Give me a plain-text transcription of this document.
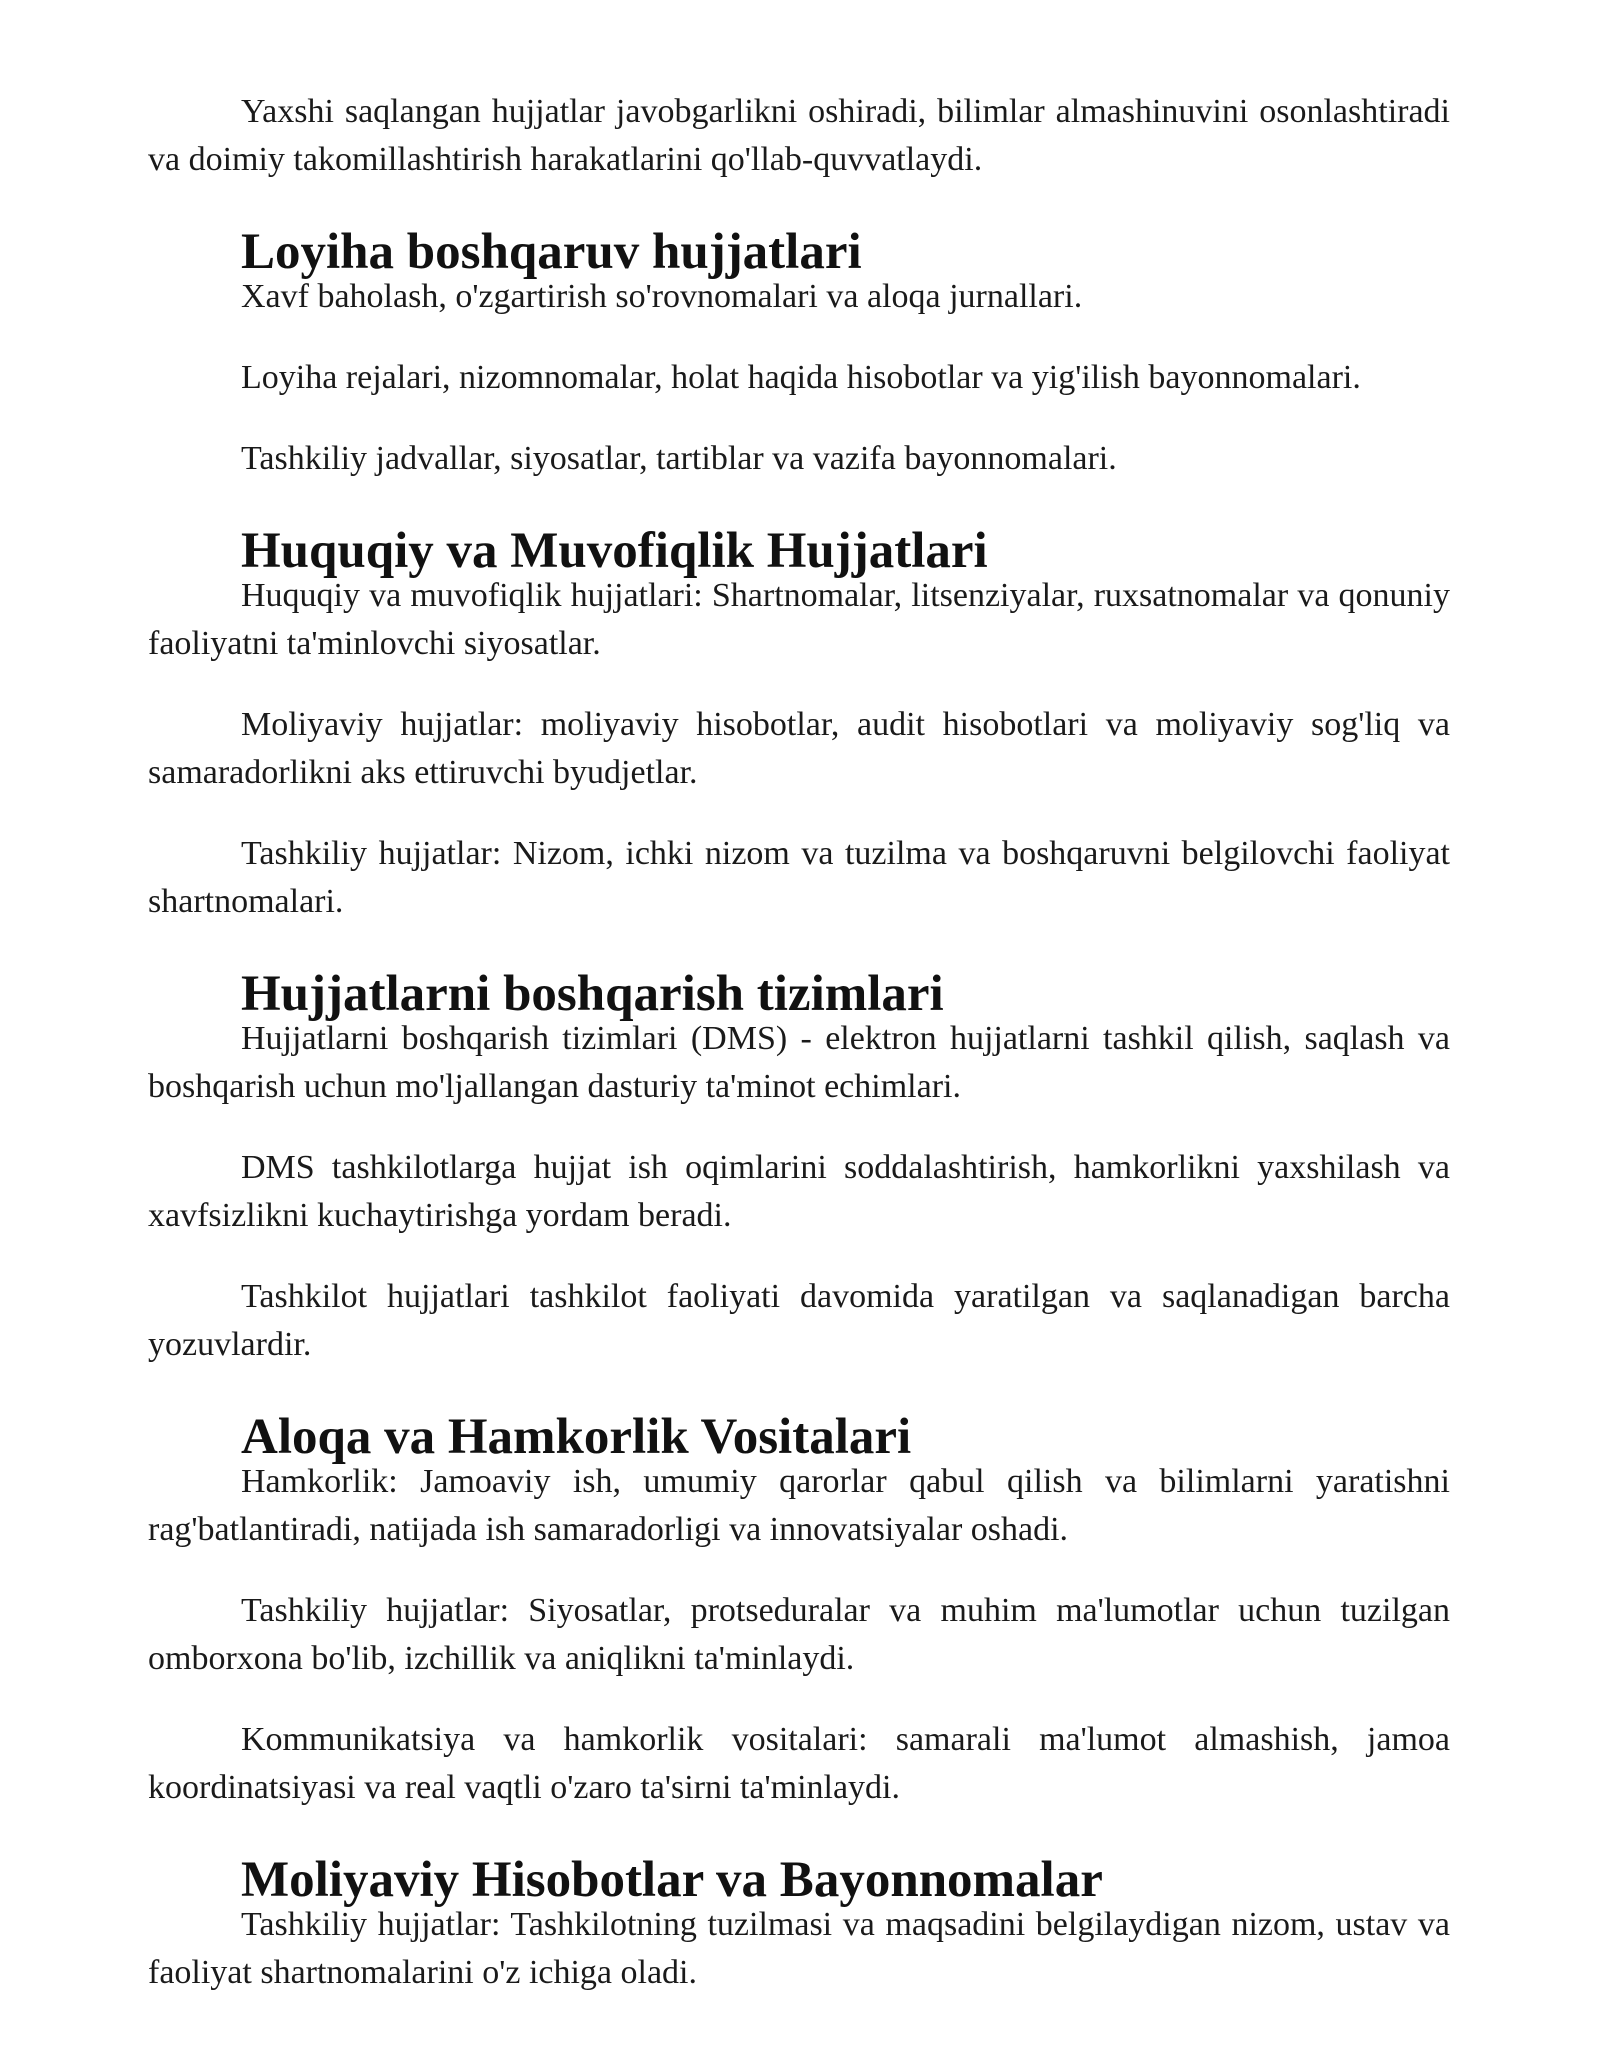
Yaxshi saqlangan hujjatlar javobgarlikni oshiradi, bilimlar almashinuvini osonlashtiradi va doimiy takomillashtirish harakatlarini qo'llab-quvvatlaydi.

Loyiha boshqaruv hujjatlari

Xavf baholash, o'zgartirish so'rovnomalari va aloqa jurnallari.

Loyiha rejalari, nizomnomalar, holat haqida hisobotlar va yig'ilish bayonnomalari.

Tashkiliy jadvallar, siyosatlar, tartiblar va vazifa bayonnomalari.

Huquqiy va Muvofiqlik Hujjatlari

Huquqiy va muvofiqlik hujjatlari: Shartnomalar, litsenziyalar, ruxsatnomalar va qonuniy faoliyatni ta'minlovchi siyosatlar.

Moliyaviy hujjatlar: moliyaviy hisobotlar, audit hisobotlari va moliyaviy sog'liq va samaradorlikni aks ettiruvchi byudjetlar.

Tashkiliy hujjatlar: Nizom, ichki nizom va tuzilma va boshqaruvni belgilovchi faoliyat shartnomalari.

Hujjatlarni boshqarish tizimlari

Hujjatlarni boshqarish tizimlari (DMS) - elektron hujjatlarni tashkil qilish, saqlash va boshqarish uchun mo'ljallangan dasturiy ta'minot echimlari.

DMS tashkilotlarga hujjat ish oqimlarini soddalashtirish, hamkorlikni yaxshilash va xavfsizlikni kuchaytirishga yordam beradi.

Tashkilot hujjatlari tashkilot faoliyati davomida yaratilgan va saqlanadigan barcha yozuvlardir.

Aloqa va Hamkorlik Vositalari

Hamkorlik: Jamoaviy ish, umumiy qarorlar qabul qilish va bilimlarni yaratishni rag'batlantiradi, natijada ish samaradorligi va innovatsiyalar oshadi.

Tashkiliy hujjatlar: Siyosatlar, protseduralar va muhim ma'lumotlar uchun tuzilgan omborxona bo'lib, izchillik va aniqlikni ta'minlaydi.

Kommunikatsiya va hamkorlik vositalari: samarali ma'lumot almashish, jamoa koordinatsiyasi va real vaqtli o'zaro ta'sirni ta'minlaydi.

Moliyaviy Hisobotlar va Bayonnomalar

Tashkiliy hujjatlar: Tashkilotning tuzilmasi va maqsadini belgilaydigan nizom, ustav va faoliyat shartnomalarini o'z ichiga oladi.
